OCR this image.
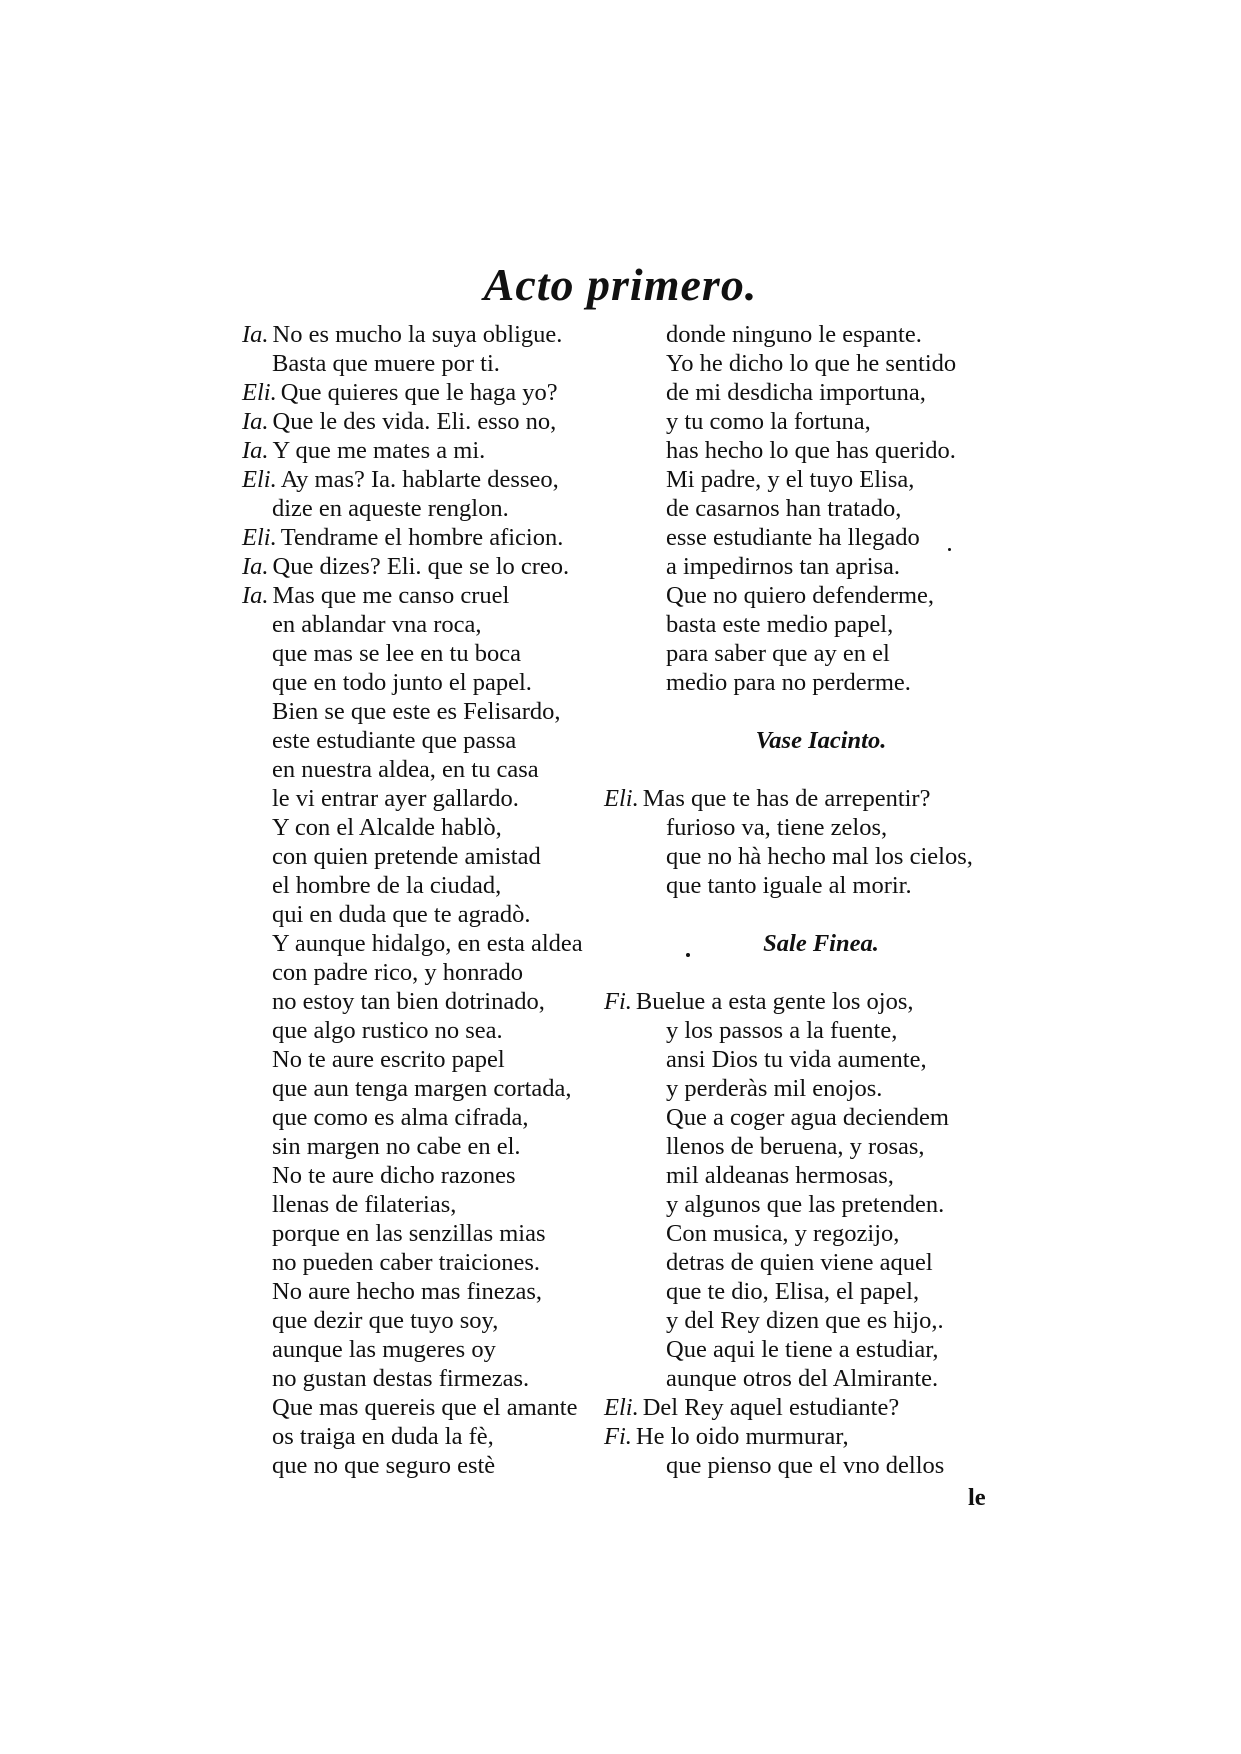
Acto primero.
Ia. No es mucho la suya obligue.
Basta que muere por ti.
Eli. Que quieres que le haga yo?
Ia. Que le des vida. Eli. esso no,
Ia. Y que me mates a mi.
Eli. Ay mas? Ia. hablarte desseo,
dize en aqueste renglon.
Eli. Tendrame el hombre aficion.
Ia. Que dizes? Eli. que se lo creo.
Ia. Mas que me canso cruel
en ablandar vna roca,
que mas se lee en tu boca
que en todo junto el papel.
Bien se que este es Felisardo,
este estudiante que passa
en nuestra aldea, en tu casa
le vi entrar ayer gallardo.
Y con el Alcalde hablò,
con quien pretende amistad
el hombre de la ciudad,
qui en duda que te agradò.
Y aunque hidalgo, en esta aldea
con padre rico, y honrado
no estoy tan bien dotrinado,
que algo rustico no sea.
No te aure escrito papel
que aun tenga margen cortada,
que como es alma cifrada,
sin margen no cabe en el.
No te aure dicho razones
llenas de filaterias,
porque en las senzillas mias
no pueden caber traiciones.
No aure hecho mas finezas,
que dezir que tuyo soy,
aunque las mugeres oy
no gustan destas firmezas.
Que mas quereis que el amante
os traiga en duda la fè,
que no que seguro estè
donde ninguno le espante.
Yo he dicho lo que he sentido
de mi desdicha importuna,
y tu como la fortuna,
has hecho lo que has querido.
Mi padre, y el tuyo Elisa,
de casarnos han tratado,
esse estudiante ha llegado
a impedirnos tan aprisa.
Que no quiero defenderme,
basta este medio papel,
para saber que ay en el
medio para no perderme.
Vase Iacinto.
Eli. Mas que te has de arrepentir?
furioso va, tiene zelos,
que no hà hecho mal los cielos,
que tanto iguale al morir.
Sale Finea.
Fi. Buelue a esta gente los ojos,
y los passos a la fuente,
ansi Dios tu vida aumente,
y perderàs mil enojos.
Que a coger agua deciendem
llenos de beruena, y rosas,
mil aldeanas hermosas,
y algunos que las pretenden.
Con musica, y regozijo,
detras de quien viene aquel
que te dio, Elisa, el papel,
y del Rey dizen que es hijo,.
Que aqui le tiene a estudiar,
aunque otros del Almirante.
Eli. Del Rey aquel estudiante?
Fi. He lo oido murmurar,
que pienso que el vno dellos
le
